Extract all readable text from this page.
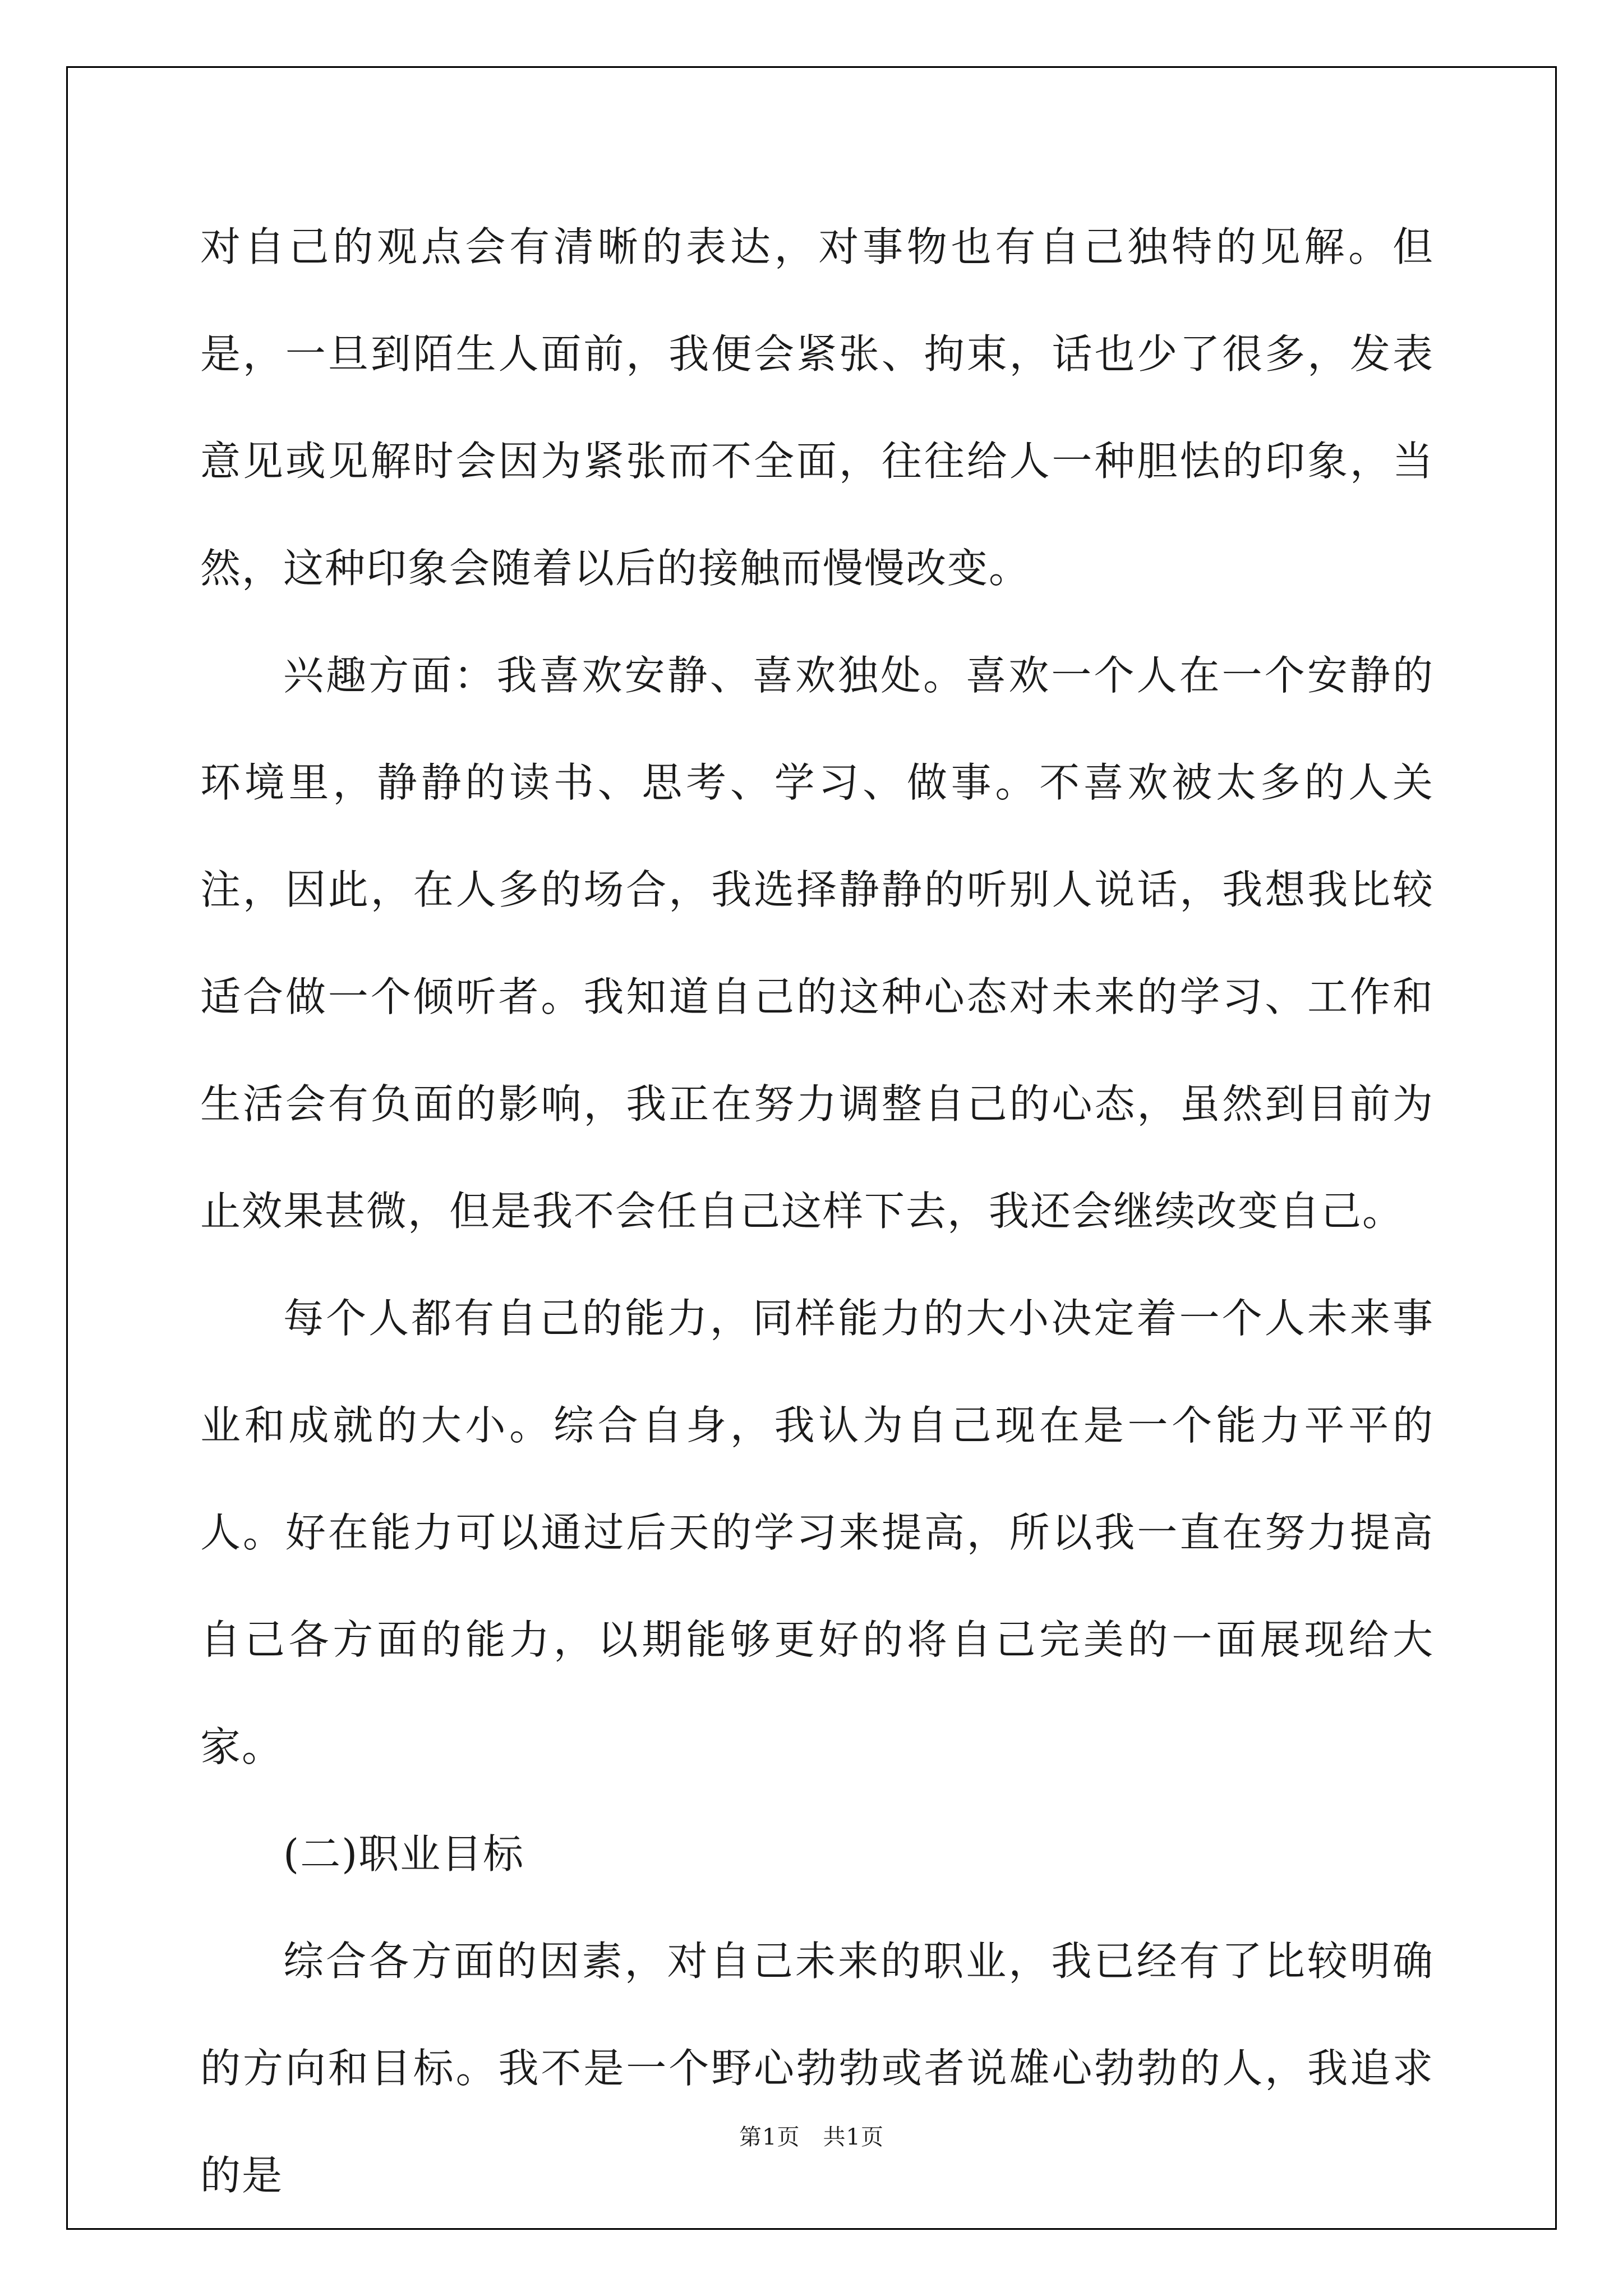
对自己的观点会有清晰的表达，对事物也有自己独特的见解。但是，一旦到陌生人面前，我便会紧张、拘束，话也少了很多，发表意见或见解时会因为紧张而不全面，往往给人一种胆怯的印象，当然，这种印象会随着以后的接触而慢慢改变。

兴趣方面：我喜欢安静、喜欢独处。喜欢一个人在一个安静的环境里，静静的读书、思考、学习、做事。不喜欢被太多的人关注，因此，在人多的场合，我选择静静的听别人说话，我想我比较适合做一个倾听者。我知道自己的这种心态对未来的学习、工作和生活会有负面的影响，我正在努力调整自己的心态，虽然到目前为止效果甚微，但是我不会任自己这样下去，我还会继续改变自己。

每个人都有自己的能力，同样能力的大小决定着一个人未来事业和成就的大小。综合自身，我认为自己现在是一个能力平平的人。好在能力可以通过后天的学习来提高，所以我一直在努力提高自己各方面的能力，以期能够更好的将自己完美的一面展现给大家。

(二)职业目标

综合各方面的因素，对自己未来的职业，我已经有了比较明确的方向和目标。我不是一个野心勃勃或者说雄心勃勃的人，我追求的是

第1页　共1页
